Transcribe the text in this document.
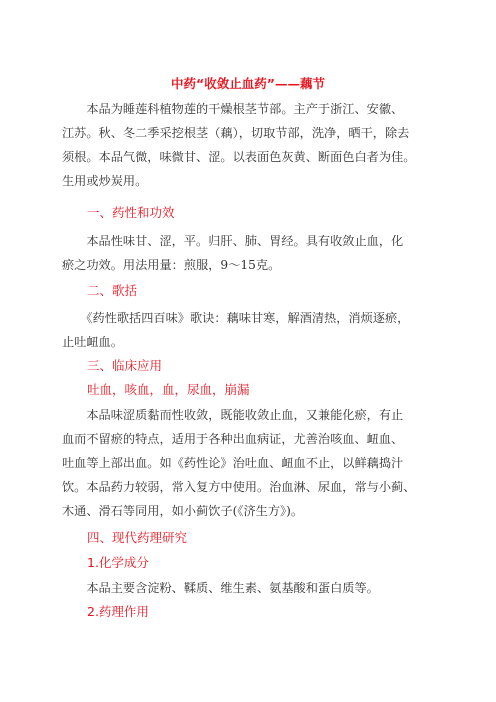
中药“收敛止血药”——藕节

　　本品为睡莲科植物莲的干燥根茎节部。主产于浙江、安徽、

江苏。秋、冬二季采挖根茎（藕），切取节部，洗净，晒干，除去

须根。本品气微，味微甘、涩。以表面色灰黄、断面色白者为佳。

生用或炒炭用。

　　一、药性和功效

　　本品性味甘、涩，平。归肝、肺、胃经。具有收敛止血，化

瘀之功效。用法用量：煎服，9～15克。

　　二、歌括

　　《药性歌括四百味》歌诀：藕味甘寒，解酒清热，消烦逐瘀，

止吐衄血。

　　三、临床应用

　　吐血，咳血，血，尿血，崩漏

　　本品味涩质黏而性收敛，既能收敛止血，又兼能化瘀，有止

血而不留瘀的特点，适用于各种出血病证，尤善治咳血、衄血、

吐血等上部出血。如《药性论》治吐血、衄血不止，以鲜藕捣汁

饮。本品药力较弱，常入复方中使用。治血淋、尿血，常与小蓟、

木通、滑石等同用，如小蓟饮子(《济生方》)。

　　四、现代药理研究

　　1.化学成分

　　本品主要含淀粉、鞣质、维生素、氨基酸和蛋白质等。

　　2.药理作用
